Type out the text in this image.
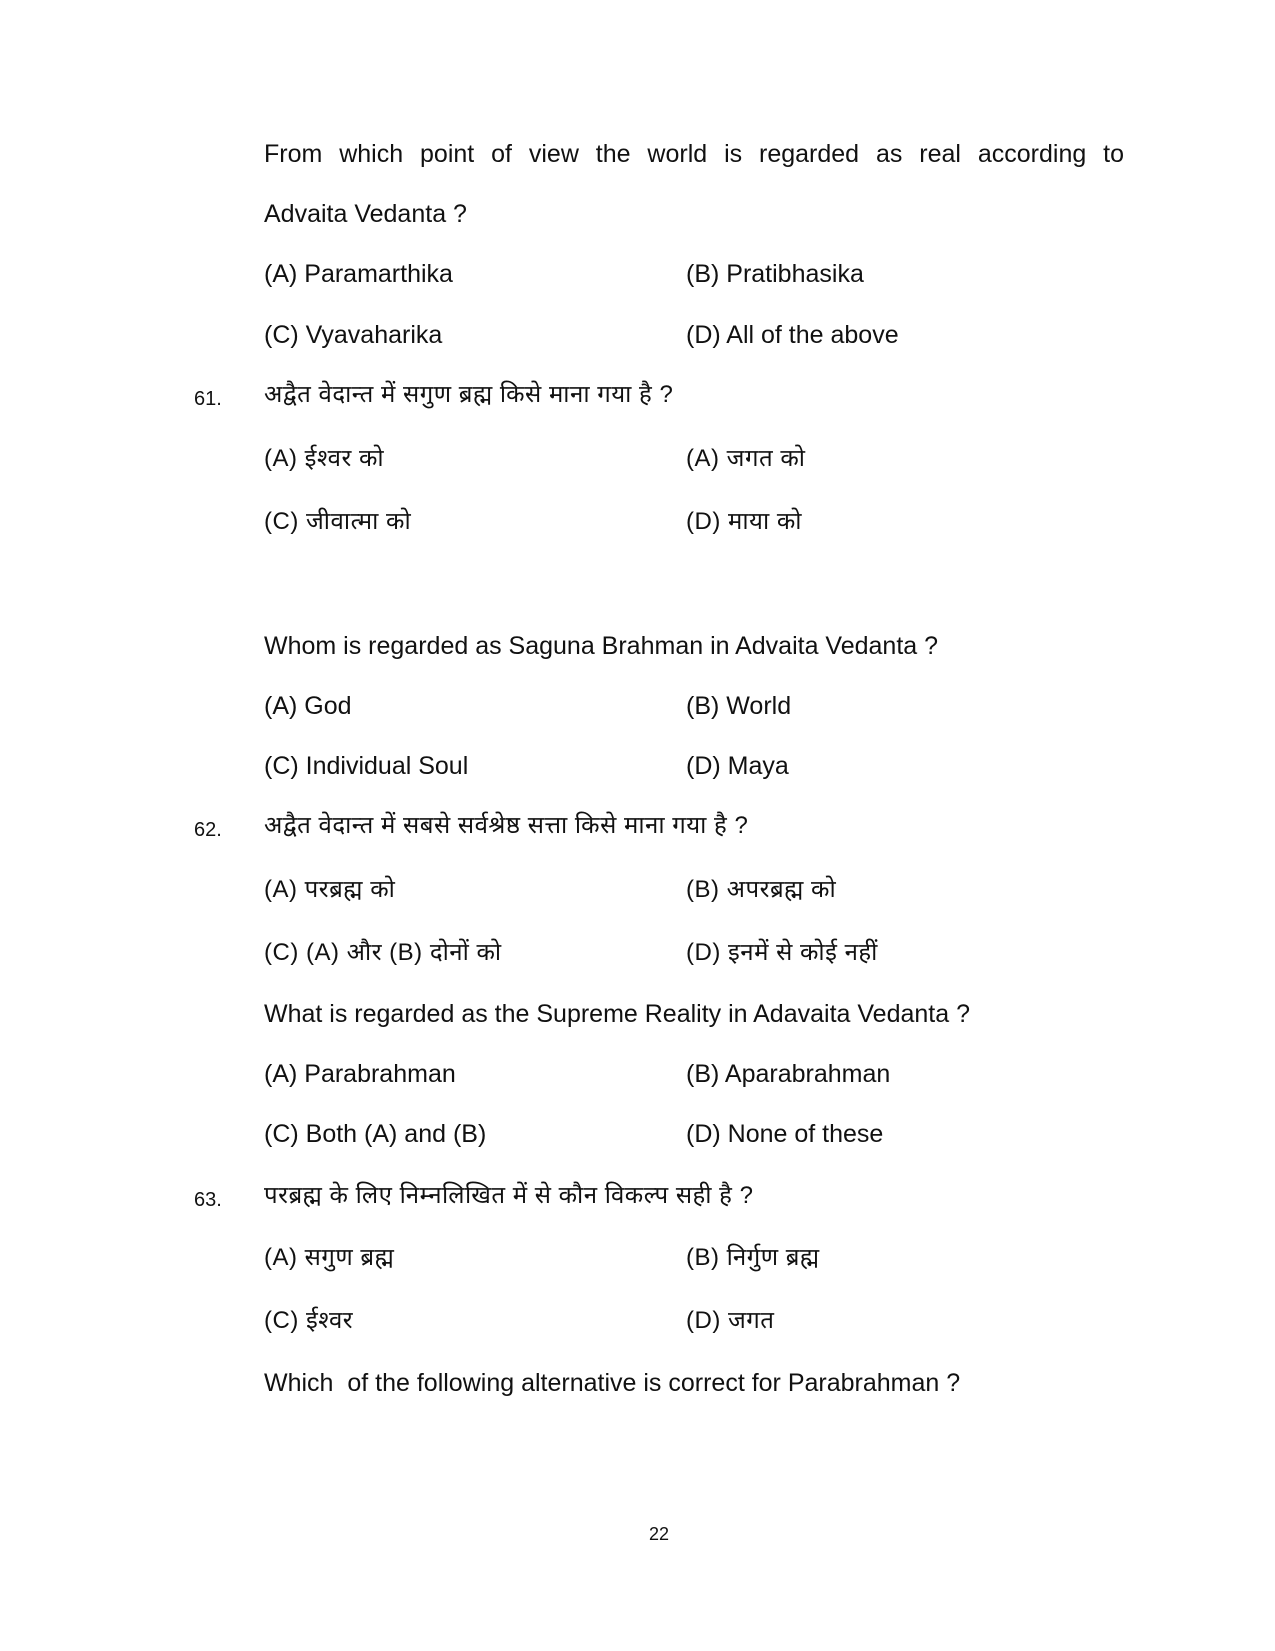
From which point of view the world is regarded as real according to
Advaita Vedanta ?
(A) Paramarthika	(B) Pratibhasika
(C) Vyavaharika	(D) All of the above
61. अद्वैत वेदान्त में सगुण ब्रह्म किसे माना गया है ?
(A) ईश्वर को	(A) जगत को
(C) जीवात्मा को	(D) माया को
Whom is regarded as Saguna Brahman in Advaita Vedanta ?
(A) God	(B) World
(C) Individual Soul	(D) Maya
62. अद्वैत वेदान्त में सबसे सर्वश्रेष्ठ सत्ता किसे माना गया है ?
(A) परब्रह्म को	(B) अपरब्रह्म को
(C) (A) और (B) दोनों को	(D) इनमें से कोई नहीं
What is regarded as the Supreme Reality in Adavaita Vedanta ?
(A) Parabrahman	(B) Aparabrahman
(C) Both (A) and (B)	(D) None of these
63. परब्रह्म के लिए निम्नलिखित में से कौन विकल्प सही है ?
(A) सगुण ब्रह्म	(B) निर्गुण ब्रह्म
(C) ईश्वर	(D) जगत
Which  of the following alternative is correct for Parabrahman ?
22
